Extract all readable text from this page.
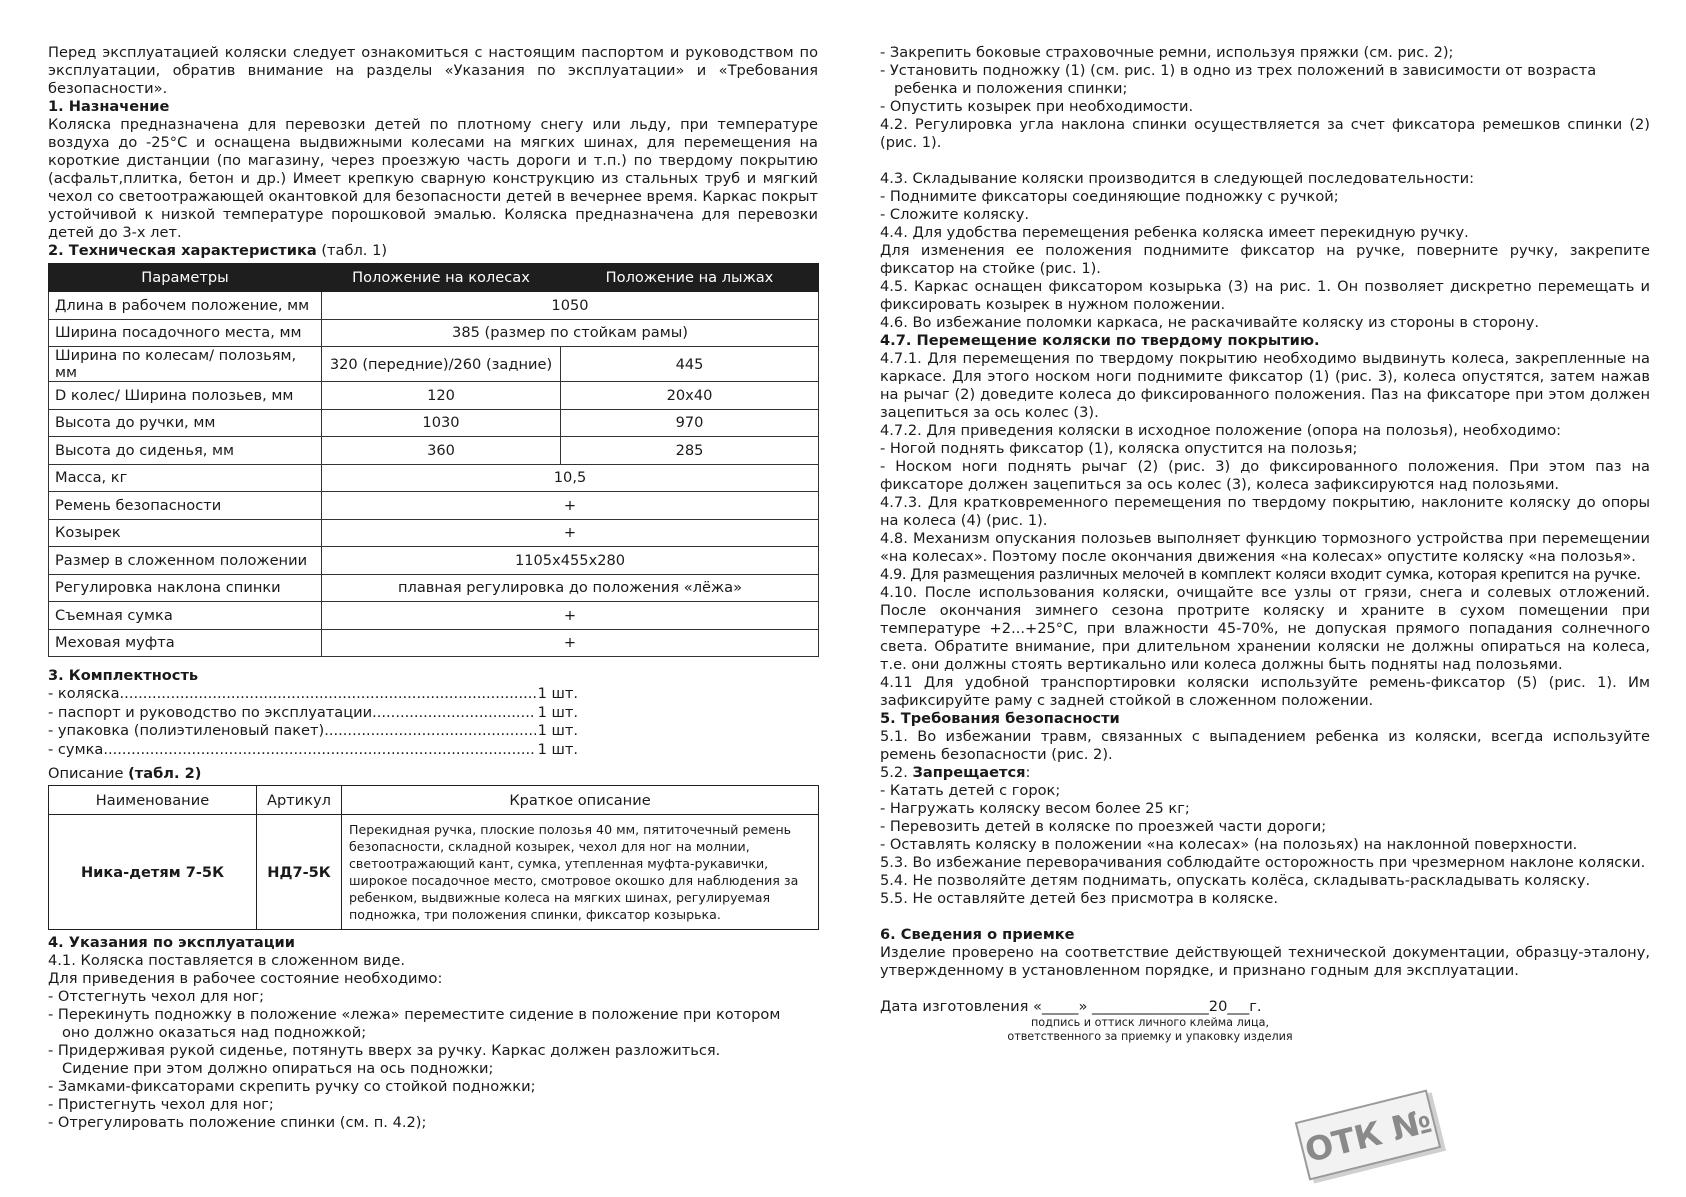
Перед эксплуатацией коляски следует ознакомиться с настоящим паспортом и руководством по эксплуатации, обратив внимание на разделы «Указания по эксплуатации» и «Требования безопасности».

1. Назначение

Коляска предназначена для перевозки детей по плотному снегу или льду, при температуре воздуха до -25°С и оснащена выдвижными колесами на мягких шинах, для перемещения на короткие дистанции (по магазину, через проезжую часть дороги и т.п.) по твердому покрытию (асфальт,плитка, бетон и др.) Имеет крепкую сварную конструкцию из стальных труб и мягкий чехол со светоотражающей окантовкой для безопасности детей в вечернее время. Каркас покрыт устойчивой к низкой температуре порошковой эмалью. Коляска предназначена для перевозки детей до 3-х лет.

2. Техническая характеристика (табл. 1)

Параметры	Положение на колесах	Положение на лыжах
Длина в рабочем положение, мм	1050	
Ширина посадочного места, мм	385 (размер по стойкам рамы)	
Ширина по колесам/ полозьям, мм	320 (передние)/260 (задние)	445
D колес/ Ширина полозьев, мм	120	20х40
Высота до ручки, мм	1030	970
Высота до сиденья, мм	360	285
Масса, кг	10,5	
Ремень безопасности	+	
Козырек	+	
Размер в сложенном положении	1105х455х280	
Регулировка наклона спинки	плавная регулировка до положения «лёжа»	
Съемная сумка	+	
Меховая муфта	+	

3. Комплектность

- коляска .....	1 шт.
- паспорт и руководство по эксплуатации .....	1 шт.
- упаковка (полиэтиленовый пакет) .....	1 шт.
- сумка .....	1 шт.

Описание (табл. 2)

Наименование	Артикул	Краткое описание
Ника-детям 7-5К	НД7-5К	Перекидная ручка, плоские полозья 40 мм, пятиточечный ремень безопасности, складной козырек, чехол для ног на молнии, светоотражающий кант, сумка, утепленная муфта-рукавички, широкое посадочное место, смотровое окошко для наблюдения за ребенком, выдвижные колеса на мягких шинах, регулируемая подножка, три положения спинки, фиксатор козырька.

4. Указания по эксплуатации

4.1. Коляска поставляется в сложенном виде.

Для приведения в рабочее состояние необходимо:

- Отстегнуть чехол для ног;

- Перекинуть подножку в положение «лежа» переместите сидение в положение при котором

оно должно оказаться над подножкой;

- Придерживая рукой сиденье, потянуть вверх за ручку. Каркас должен разложиться.

Сидение при этом должно опираться на ось подножки;

- Замками-фиксаторами скрепить ручку со стойкой подножки;

- Пристегнуть чехол для ног;

- Отрегулировать положение спинки (см. п. 4.2);

- Закрепить боковые страховочные ремни, используя пряжки (см. рис. 2);

- Установить подножку (1) (см. рис. 1) в одно из трех положений в зависимости от возраста

ребенка и положения спинки;

- Опустить козырек при необходимости.

4.2. Регулировка угла наклона спинки осуществляется за счет фиксатора ремешков спинки (2) (рис. 1).

4.3. Складывание коляски производится в следующей последовательности:

- Поднимите фиксаторы соединяющие подножку с ручкой;

- Сложите коляску.

4.4. Для удобства перемещения ребенка коляска имеет перекидную ручку.

Для изменения ее положения поднимите фиксатор на ручке, поверните ручку, закрепите фиксатор на стойке (рис. 1).

4.5. Каркас оснащен фиксатором козырька (3) на рис. 1. Он позволяет дискретно перемещать и фиксировать козырек в нужном положении.

4.6. Во избежание поломки каркаса, не раскачивайте коляску из стороны в сторону.

4.7. Перемещение коляски по твердому покрытию.

4.7.1. Для перемещения по твердому покрытию необходимо выдвинуть колеса, закрепленные на каркасе. Для этого носком ноги поднимите фиксатор (1) (рис. 3), колеса опустятся, затем нажав на рычаг (2) доведите колеса до фиксированного положения. Паз на фиксаторе при этом должен зацепиться за ось колес (3).

4.7.2. Для приведения коляски в исходное положение (опора на полозья), необходимо:

- Ногой поднять фиксатор (1), коляска опустится на полозья;

- Носком ноги поднять рычаг (2) (рис. 3) до фиксированного положения. При этом паз на фиксаторе должен зацепиться за ось колес (3), колеса зафиксируются над полозьями.

4.7.3. Для кратковременного перемещения по твердому покрытию, наклоните коляску до опоры на колеса (4) (рис. 1).

4.8. Механизм опускания полозьев выполняет функцию тормозного устройства при перемещении «на колесах». Поэтому после окончания движения «на колесах» опустите коляску «на полозья».

4.9. Для размещения различных мелочей в комплект коляси входит сумка, которая крепится на ручке.

4.10. После использования коляски, очищайте все узлы от грязи, снега и солевых отложений. После окончания зимнего сезона протрите коляску и храните в сухом помещении при температуре +2...+25°С, при влажности 45-70%, не допуская прямого попадания солнечного света. Обратите внимание, при длительном хранении коляски не должны опираться на колеса, т.е. они должны стоять вертикально или колеса должны быть подняты над полозьями.

4.11 Для удобной транспортировки коляски используйте ремень-фиксатор (5) (рис. 1). Им зафиксируйте раму с задней стойкой в сложенном положении.

5. Требования безопасности

5.1. Во избежании травм, связанных с выпадением ребенка из коляски, всегда используйте ремень безопасности (рис. 2).

5.2. Запрещается:

- Катать детей с горок;

- Нагружать коляску весом более 25 кг;

- Перевозить детей в коляске по проезжей части дороги;

- Оставлять коляску в положении «на колесах» (на полозьях) на наклонной поверхности.

5.3. Во избежание переворачивания соблюдайте осторожность при чрезмерном наклоне коляски.

5.4. Не позволяйте детям поднимать, опускать колёса, складывать-раскладывать коляску.

5.5. Не оставляйте детей без присмотра в коляске.

6. Сведения о приемке

Изделие проверено на соответствие действующей технической документации, образцу-эталону, утвержденному в установленном порядке, и признано годным для эксплуатации.

Дата изготовления «_____» ________________20___г.

подпись и оттиск личного клейма лица,

ответственного за приемку и упаковку изделия

ОТК №
